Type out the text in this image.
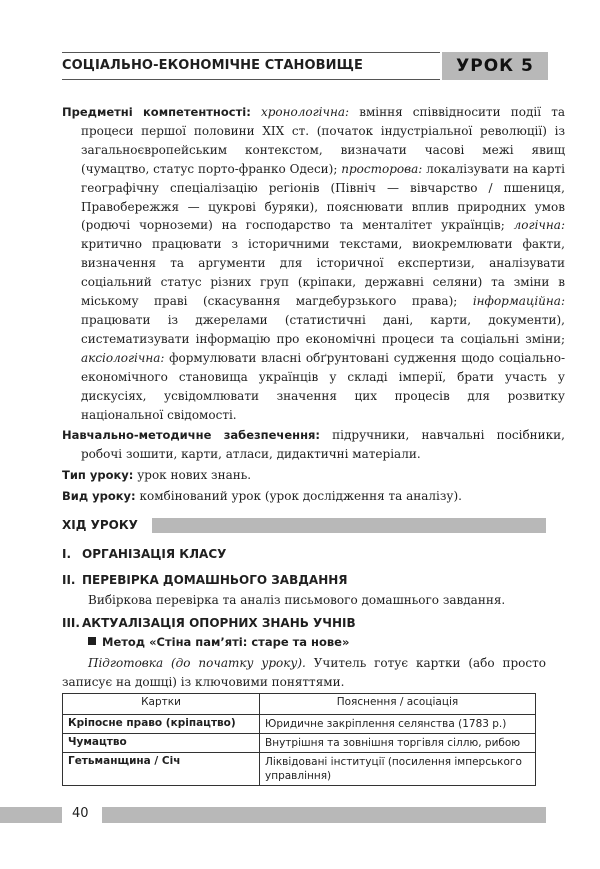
СОЦІАЛЬНО-ЕКОНОМІЧНЕ СТАНОВИЩЕ	УРОК 5
Предметні компетентності: хронологічна: вміння співвідносити події та процеси першої половини XIX ст. (початок індустріальної революції) із загальноєвропейським контекстом, визначати часові межі явищ (чумацтво, статус порто-франко Одеси); просторова: локалізувати на карті географічну спеціалізацію регіонів (Північ — вівчарство / пшениця, Правобережжя — цукрові буряки), пояснювати вплив природних умов (родючі чорноземи) на господарство та менталітет українців; логічна: критично працювати з історичними текстами, виокремлювати факти, визначення та аргументи для історичної експертизи, аналізувати соціальний статус різних груп (кріпаки, державні селяни) та зміни в міському праві (скасування магдебурзького права); інформаційна: працювати із джерелами (статистичні дані, карти, документи), систематизувати інформацію про економічні процеси та соціальні зміни; аксіологічна: формулювати власні обґрунтовані судження щодо соціально-економічного становища українців у складі імперії, брати участь у дискусіях, усвідомлювати значення цих процесів для розвитку національної свідомості.
Навчально-методичне забезпечення: підручники, навчальні посібники, робочі зошити, карти, атласи, дидактичні матеріали.
Тип уроку: урок нових знань.
Вид уроку: комбінований урок (урок дослідження та аналізу).
ХІД УРОКУ
I. ОРГАНІЗАЦІЯ КЛАСУ
II. ПЕРЕВІРКА ДОМАШНЬОГО ЗАВДАННЯ
Вибіркова перевірка та аналіз письмового домашнього завдання.
III. АКТУАЛІЗАЦІЯ ОПОРНИХ ЗНАНЬ УЧНІВ
Метод «Стіна пам’яті: старе та нове»
Підготовка (до початку уроку). Учитель готує картки (або просто записує на дошці) із ключовими поняттями.
Картки	Пояснення / асоціація
Кріпосне право (кріпацтво)	Юридичне закріплення селянства (1783 р.)
Чумацтво	Внутрішня та зовнішня торгівля сіллю, рибою
Гетьманщина / Січ	Ліквідовані інституції (посилення імперського управління)
40
